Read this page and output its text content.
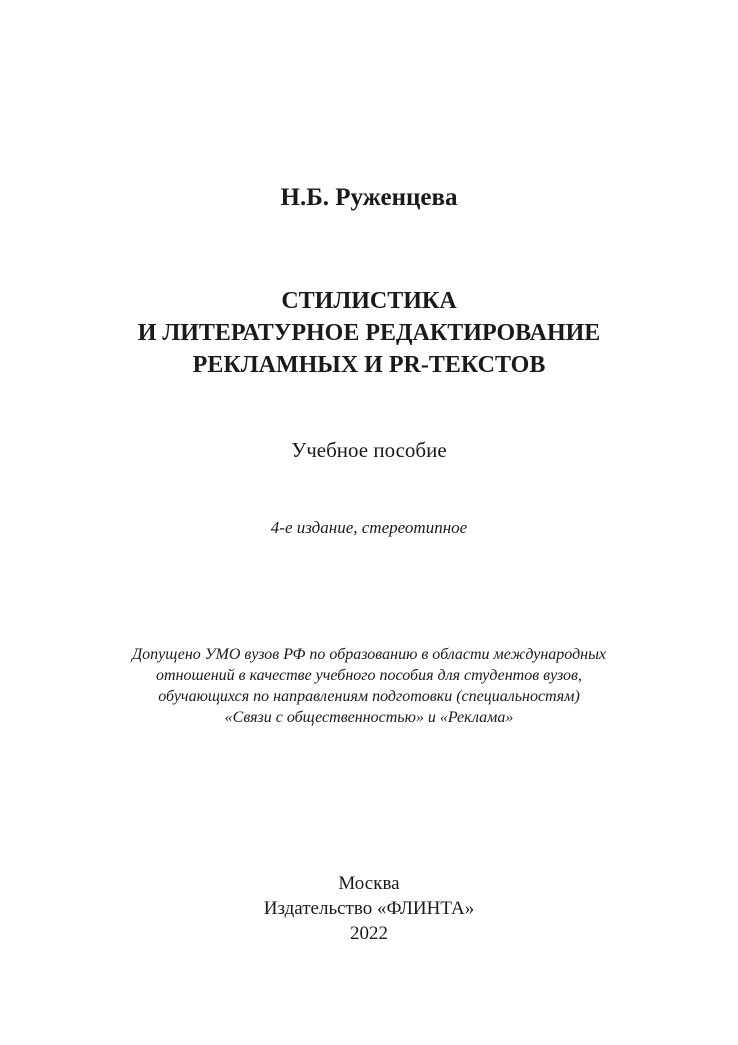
Н.Б. Руженцева
СТИЛИСТИКА
И ЛИТЕРАТУРНОЕ РЕДАКТИРОВАНИЕ
РЕКЛАМНЫХ И PR-ТЕКСТОВ
Учебное пособие
4-е издание, стереотипное
Допущено УМО вузов РФ по образованию в области международных
отношений в качестве учебного пособия для студентов вузов,
обучающихся по направлениям подготовки (специальностям)
«Связи с общественностью» и «Реклама»
Москва
Издательство «ФЛИНТА»
2022
